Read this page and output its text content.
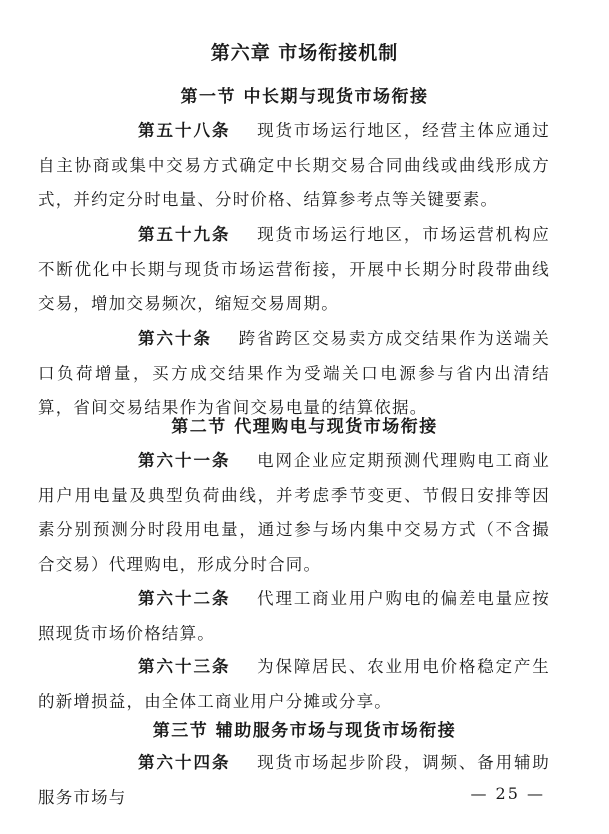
第六章 市场衔接机制
第一节 中长期与现货市场衔接
第五十八条 现货市场运行地区，经营主体应通过自主协商或集中交易方式确定中长期交易合同曲线或曲线形成方式，并约定分时电量、分时价格、结算参考点等关键要素。
第五十九条 现货市场运行地区，市场运营机构应不断优化中长期与现货市场运营衔接，开展中长期分时段带曲线交易，增加交易频次，缩短交易周期。
第六十条 跨省跨区交易卖方成交结果作为送端关口负荷增量，买方成交结果作为受端关口电源参与省内出清结算，省间交易结果作为省间交易电量的结算依据。
第二节 代理购电与现货市场衔接
第六十一条 电网企业应定期预测代理购电工商业用户用电量及典型负荷曲线，并考虑季节变更、节假日安排等因素分别预测分时段用电量，通过参与场内集中交易方式（不含撮合交易）代理购电，形成分时合同。
第六十二条 代理工商业用户购电的偏差电量应按照现货市场价格结算。
第六十三条 为保障居民、农业用电价格稳定产生的新增损益，由全体工商业用户分摊或分享。
第三节 辅助服务市场与现货市场衔接
第六十四条 现货市场起步阶段，调频、备用辅助服务市场与	— 25 —
